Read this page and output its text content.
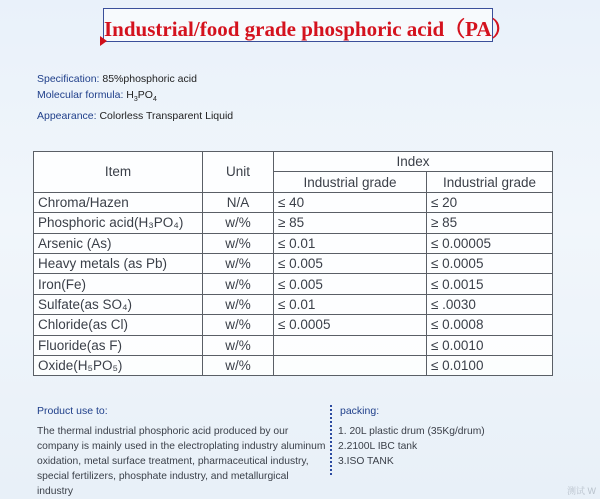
Industrial/food grade phosphoric acid（PA）
Specification: 85%phosphoric acid
Molecular formula: $H_3PO_4$
Appearance: Colorless Transparent Liquid
Item	Unit	Index	
		Industrial grade	Industrial grade
Chroma/Hazen	N/A	≤ 40	≤ 20
Phosphoric acid(H₃PO₄)	w/%	≥ 85	≥ 85
Arsenic (As)	w/%	≤ 0.01	≤ 0.00005
Heavy metals (as Pb)	w/%	≤ 0.005	≤ 0.0005
Iron(Fe)	w/%	≤ 0.005	≤ 0.0015
Sulfate(as SO₄)	w/%	≤ 0.01	≤ .0030
Chloride(as Cl)	w/%	≤ 0.0005	≤ 0.0008
Fluoride(as F)	w/%		≤ 0.0010
Oxide(H₅PO₅)	w/%		≤ 0.0100
Product use to:
The thermal industrial phosphoric acid produced by our company is mainly used in the electroplating industry aluminum oxidation, metal surface treatment, pharmaceutical industry, special fertilizers, phosphate industry, and metallurgical industry
packing:
1. 20L plastic drum (35Kg/drum)
2.2100L IBC tank
3.ISO TANK
测试 W
